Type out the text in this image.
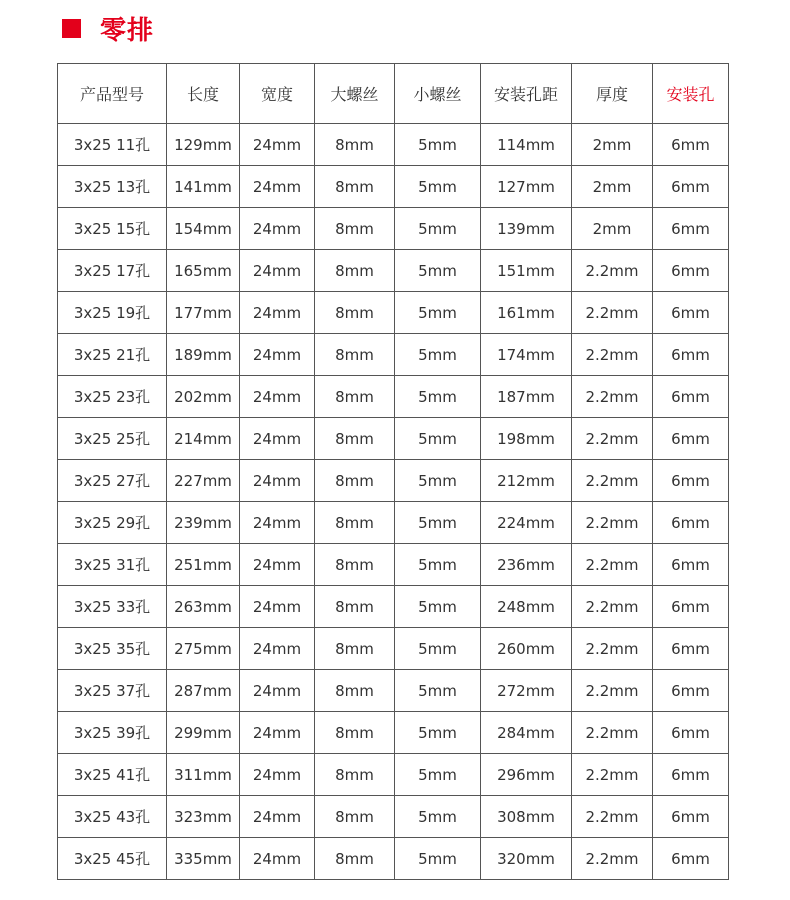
零排
产品型号	长度	宽度	大螺丝	小螺丝	安装孔距	厚度	安装孔
3x25 11孔	129mm	24mm	8mm	5mm	114mm	2mm	6mm
3x25 13孔	141mm	24mm	8mm	5mm	127mm	2mm	6mm
3x25 15孔	154mm	24mm	8mm	5mm	139mm	2mm	6mm
3x25 17孔	165mm	24mm	8mm	5mm	151mm	2.2mm	6mm
3x25 19孔	177mm	24mm	8mm	5mm	161mm	2.2mm	6mm
3x25 21孔	189mm	24mm	8mm	5mm	174mm	2.2mm	6mm
3x25 23孔	202mm	24mm	8mm	5mm	187mm	2.2mm	6mm
3x25 25孔	214mm	24mm	8mm	5mm	198mm	2.2mm	6mm
3x25 27孔	227mm	24mm	8mm	5mm	212mm	2.2mm	6mm
3x25 29孔	239mm	24mm	8mm	5mm	224mm	2.2mm	6mm
3x25 31孔	251mm	24mm	8mm	5mm	236mm	2.2mm	6mm
3x25 33孔	263mm	24mm	8mm	5mm	248mm	2.2mm	6mm
3x25 35孔	275mm	24mm	8mm	5mm	260mm	2.2mm	6mm
3x25 37孔	287mm	24mm	8mm	5mm	272mm	2.2mm	6mm
3x25 39孔	299mm	24mm	8mm	5mm	284mm	2.2mm	6mm
3x25 41孔	311mm	24mm	8mm	5mm	296mm	2.2mm	6mm
3x25 43孔	323mm	24mm	8mm	5mm	308mm	2.2mm	6mm
3x25 45孔	335mm	24mm	8mm	5mm	320mm	2.2mm	6mm
